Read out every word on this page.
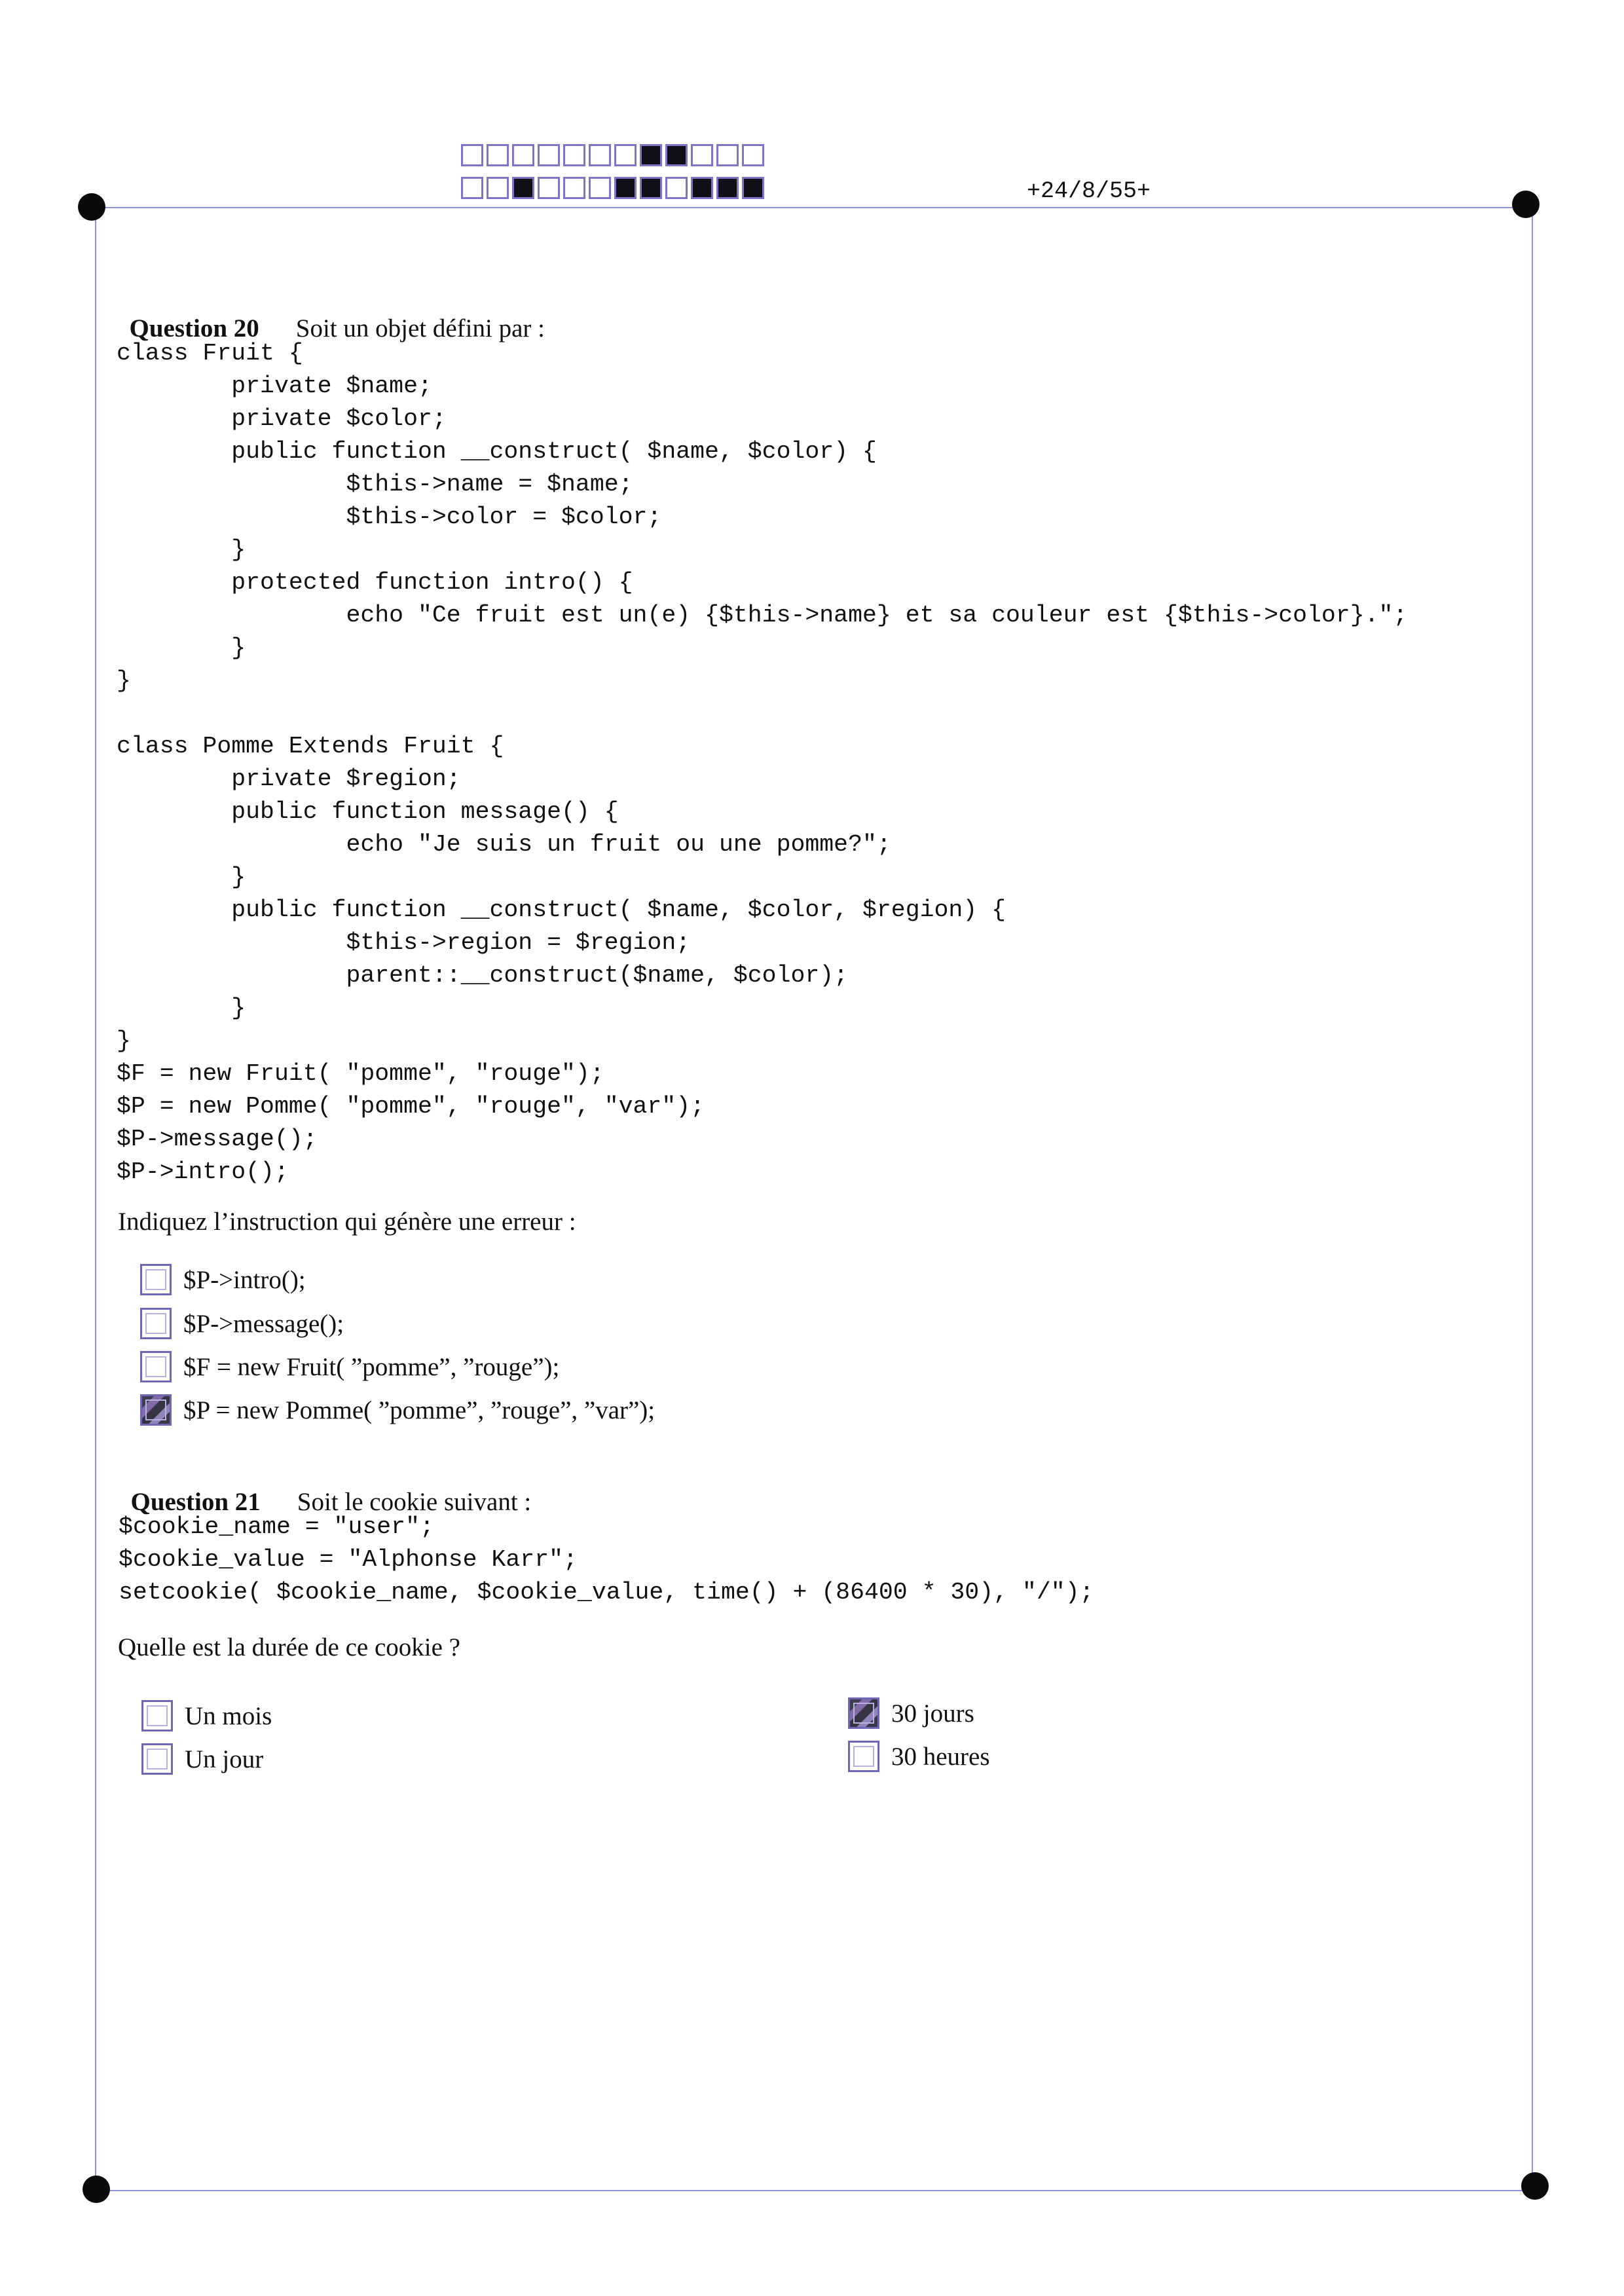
+24/8/55+

Question 20 Soit un objet défini par :

class Fruit {
private $name;
private $color;
public function __construct( $name, $color) {
$this->name = $name;
$this->color = $color;
}
protected function intro() {
echo "Ce fruit est un(e) {$this->name} et sa couleur est {$this->color}.";
}
}

class Pomme Extends Fruit {
private $region;
public function message() {
echo "Je suis un fruit ou une pomme?";
}
public function __construct( $name, $color, $region) {
$this->region = $region;
parent::__construct($name, $color);
}
}
$F = new Fruit( "pomme", "rouge");
$P = new Pomme( "pomme", "rouge", "var");
$P->message();
$P->intro();
Indiquez l’instruction qui génère une erreur :
$P->intro();
$P->message();
$F = new Fruit( ”pomme”, ”rouge”);
$P = new Pomme( ”pomme”, ”rouge”, ”var”);

Question 21 Soit le cookie suivant :

$cookie_name = "user";
$cookie_value = "Alphonse Karr";
setcookie( $cookie_name, $cookie_value, time() + (86400 * 30), "/");
Quelle est la durée de ce cookie ?
Un mois
Un jour
30 jours
30 heures
